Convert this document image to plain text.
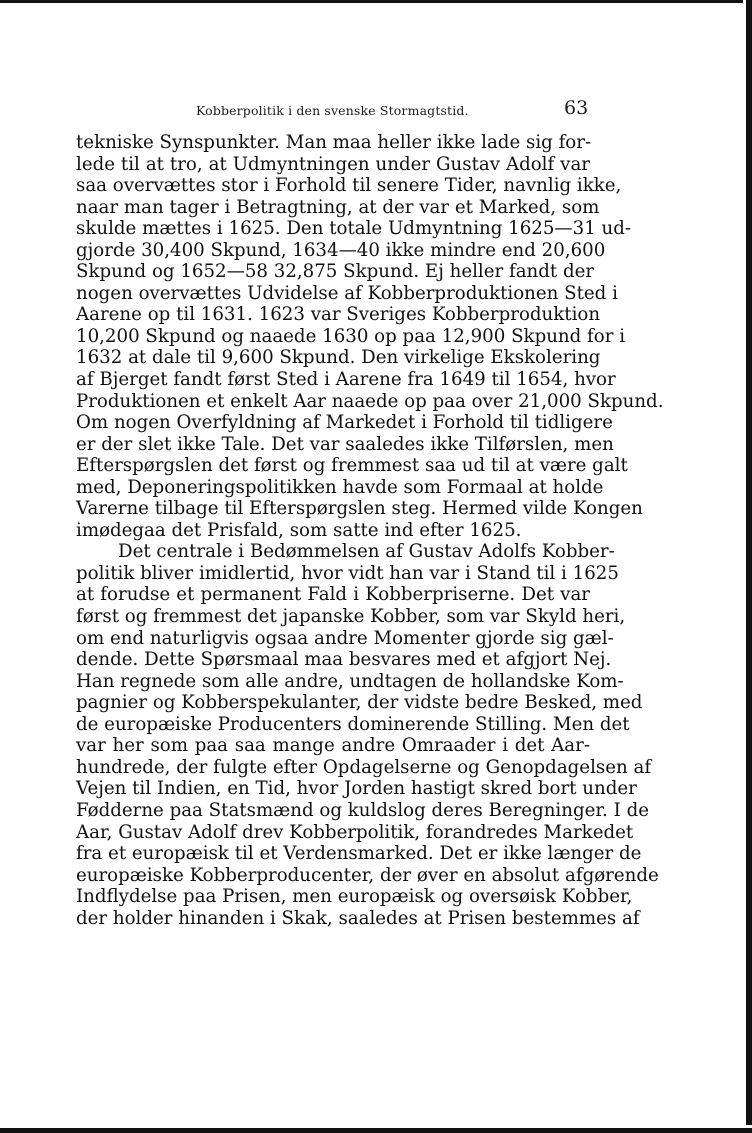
Kobberpolitik i den svenske Stormagtstid.	63
tekniske Synspunkter. Man maa heller ikke lade sig for-
lede til at tro, at Udmyntningen under Gustav Adolf var
saa overvættes stor i Forhold til senere Tider, navnlig ikke,
naar man tager i Betragtning, at der var et Marked, som
skulde mættes i 1625. Den totale Udmyntning 1625—31 ud-
gjorde 30,400 Skpund, 1634—40 ikke mindre end 20,600
Skpund og 1652—58 32,875 Skpund. Ej heller fandt der
nogen overvættes Udvidelse af Kobberproduktionen Sted i
Aarene op til 1631. 1623 var Sveriges Kobberproduktion
10,200 Skpund og naaede 1630 op paa 12,900 Skpund for i
1632 at dale til 9,600 Skpund. Den virkelige Ekskolering
af Bjerget fandt først Sted i Aarene fra 1649 til 1654, hvor
Produktionen et enkelt Aar naaede op paa over 21,000 Skpund.
Om nogen Overfyldning af Markedet i Forhold til tidligere
er der slet ikke Tale. Det var saaledes ikke Tilførslen, men
Efterspørgslen det først og fremmest saa ud til at være galt
med, Deponeringspolitikken havde som Formaal at holde
Varerne tilbage til Efterspørgslen steg. Hermed vilde Kongen
imødegaa det Prisfald, som satte ind efter 1625.
Det centrale i Bedømmelsen af Gustav Adolfs Kobber-
politik bliver imidlertid, hvor vidt han var i Stand til i 1625
at forudse et permanent Fald i Kobberpriserne. Det var
først og fremmest det japanske Kobber, som var Skyld heri,
om end naturligvis ogsaa andre Momenter gjorde sig gæl-
dende. Dette Spørsmaal maa besvares med et afgjort Nej.
Han regnede som alle andre, undtagen de hollandske Kom-
pagnier og Kobberspekulanter, der vidste bedre Besked, med
de europæiske Producenters dominerende Stilling. Men det
var her som paa saa mange andre Omraader i det Aar-
hundrede, der fulgte efter Opdagelserne og Genopdagelsen af
Vejen til Indien, en Tid, hvor Jorden hastigt skred bort under
Fødderne paa Statsmænd og kuldslog deres Beregninger. I de
Aar, Gustav Adolf drev Kobberpolitik, forandredes Markedet
fra et europæisk til et Verdensmarked. Det er ikke længer de
europæiske Kobberproducenter, der øver en absolut afgørende
Indflydelse paa Prisen, men europæisk og oversøisk Kobber,
der holder hinanden i Skak, saaledes at Prisen bestemmes af
